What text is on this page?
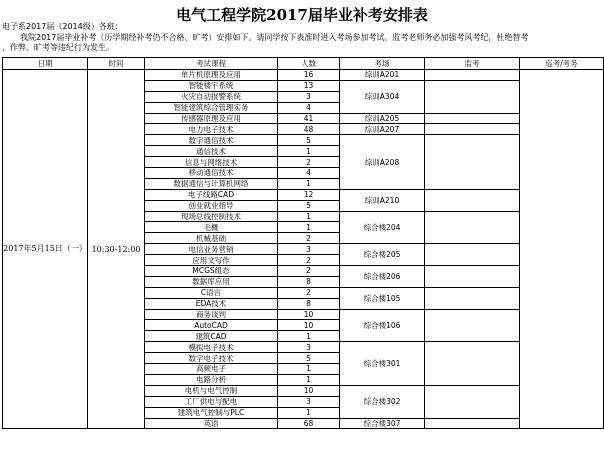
电气工程学院2017届毕业补考安排表

电子系2017届（2014级）各班：

我院2017届毕业补考（历学期经补考仍不合格、旷考）安排如下。请同学按下表准时进入考场参加考试。监考老师务必加强考风考纪，杜绝替考

、作弊、旷考等违纪行为发生。

日期	时间	考试课程	人数	考场	监考	巡考/考务
2017年5月15日（一）	10:30-12:00	单片机原理及应用	16	综训A201		
		智能楼宇系统	13	综训A304		
		火灾自动报警系统	3			
		智能建筑综合管理实务	4			
		传感器原理及应用	41	综训A205		
		电力电子技术	48	综训A207		
		数字通信技术	5	综训A208		
		通信技术	1			
		信息与网络技术	2			
		移动通信技术	4			
		数据通信与计算机网络	1			
		电子线路CAD	12	综训A210		
		创业就业指导	5			
		现场总线控制技术	1	综合楼204		
		毛概	1			
		机械基础	2			
		电信业务营销	3	综合楼205		
		应用文写作	2			
		MCGS组态	2	综合楼206		
		数据库应用	8			
		C语言	2	综合楼105		
		EDA技术	8			
		商务谈判	10	综合楼106		
		AutoCAD	10			
		建筑CAD	1			
		模拟电子技术	3	综合楼301		
		数字电子技术	5			
		高频电子	1			
		电路分析	1			
		电机与电气控制	10	综合楼302		
		工厂供电与配电	3			
		建筑电气控制与PLC	1			
		英语	68	综合楼307		
